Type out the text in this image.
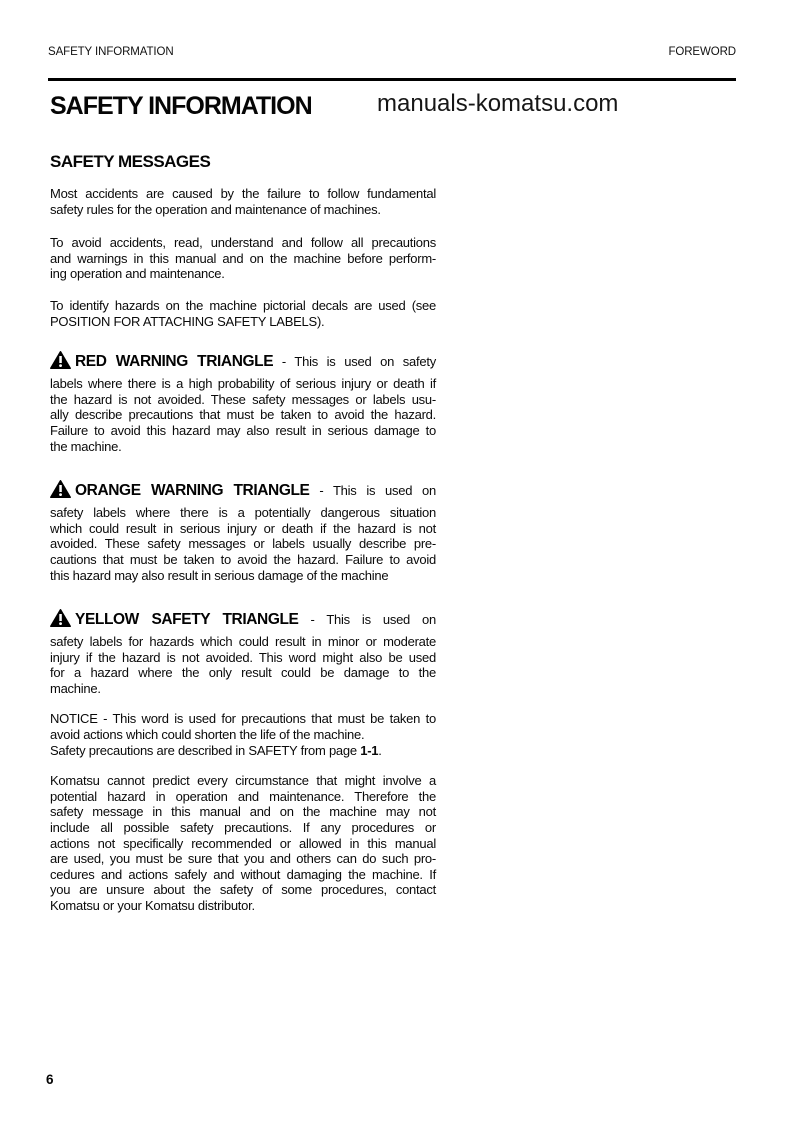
SAFETY INFORMATION	FOREWORD
SAFETY INFORMATION	manuals-komatsu.com
SAFETY MESSAGES
Most accidents are caused by the failure to follow fundamental
safety rules for the operation and maintenance of machines.
To avoid accidents, read, understand and follow all precautions
and warnings in this manual and on the machine before perform-
ing operation and maintenance.
To identify hazards on the machine pictorial decals are used (see
POSITION FOR ATTACHING SAFETY LABELS).
RED WARNING TRIANGLE - This is used on safety
labels where there is a high probability of serious injury or death if
the hazard is not avoided. These safety messages or labels usu-
ally describe precautions that must be taken to avoid the hazard.
Failure to avoid this hazard may also result in serious damage to
the machine.
ORANGE WARNING TRIANGLE - This is used on
safety labels where there is a potentially dangerous situation
which could result in serious injury or death if the hazard is not
avoided. These safety messages or labels usually describe pre-
cautions that must be taken to avoid the hazard. Failure to avoid
this hazard may also result in serious damage of the machine
YELLOW SAFETY TRIANGLE - This is used on
safety labels for hazards which could result in minor or moderate
injury if the hazard is not avoided. This word might also be used
for a hazard where the only result could be damage to the
machine.
NOTICE - This word is used for precautions that must be taken to
avoid actions which could shorten the life of the machine.

Safety precautions are described in SAFETY from page 1-1.

Komatsu cannot predict every circumstance that might involve a
potential hazard in operation and maintenance. Therefore the
safety message in this manual and on the machine may not
include all possible safety precautions. If any procedures or
actions not specifically recommended or allowed in this manual
are used, you must be sure that you and others can do such pro-
cedures and actions safely and without damaging the machine. If
you are unsure about the safety of some procedures, contact
Komatsu or your Komatsu distributor.
6
